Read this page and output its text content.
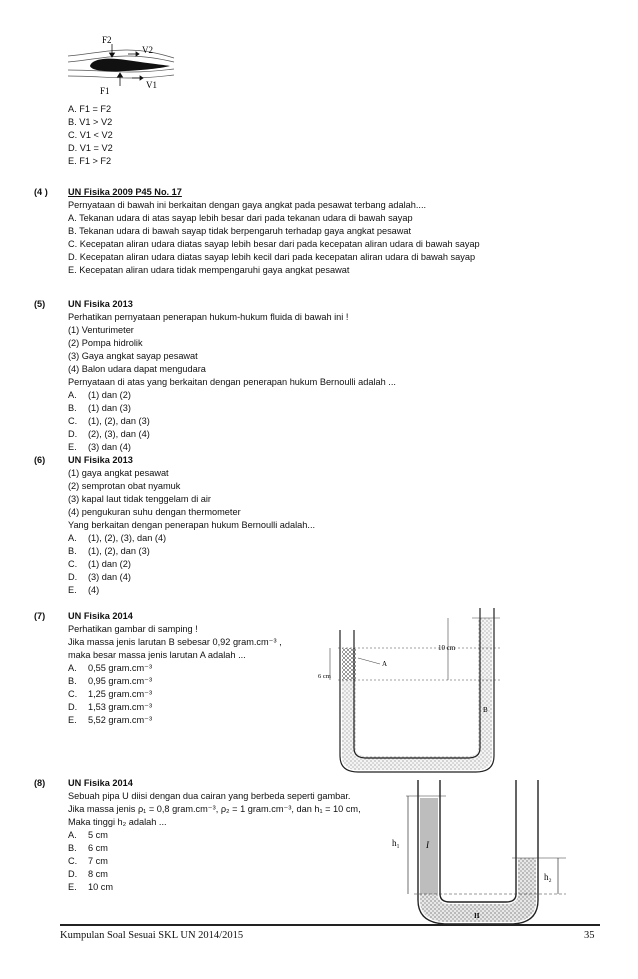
F2
V2
F1
V1
A. F1 = F2
B. V1 > V2
C. V1 < V2
D. V1 = V2
E. F1 > F2
(4 ) UN Fisika 2009 P45 No. 17
Pernyataan di bawah ini berkaitan dengan gaya angkat pada pesawat terbang adalah....
A. Tekanan udara di atas sayap lebih besar dari pada tekanan udara di bawah sayap
B. Tekanan udara di bawah sayap tidak berpengaruh terhadap gaya angkat pesawat
C. Kecepatan aliran udara diatas sayap lebih besar dari pada kecepatan aliran udara di bawah sayap
D. Kecepatan aliran udara diatas sayap lebih kecil dari pada kecepatan aliran udara di bawah sayap
E. Kecepatan aliran udara tidak mempengaruhi gaya angkat pesawat
(5) UN Fisika 2013
Perhatikan pernyataan penerapan hukum-hukum fluida di bawah ini !
(1) Venturimeter
(2) Pompa hidrolik
(3) Gaya angkat sayap pesawat
(4) Balon udara dapat mengudara
Pernyataan di atas yang berkaitan dengan penerapan hukum Bernoulli adalah ...
A. (1) dan (2)
B. (1) dan (3)
C. (1), (2), dan (3)
D. (2), (3), dan (4)
E. (3) dan (4)
(6) UN Fisika 2013
(1) gaya angkat pesawat
(2) semprotan obat nyamuk
(3) kapal laut tidak tenggelam di air
(4) pengukuran suhu dengan thermometer
Yang berkaitan dengan penerapan hukum Bernoulli adalah...
A. (1), (2), (3), dan (4)
B. (1), (2), dan (3)
C. (1) dan (2)
D. (3) dan (4)
E. (4)
(7) UN Fisika 2014
Perhatikan gambar di samping !
Jika massa jenis larutan B sebesar 0,92 gram.cm⁻³ ,
maka besar massa jenis larutan A adalah ...
A. 0,55 gram.cm⁻³
B. 0,95 gram.cm⁻³
C. 1,25 gram.cm⁻³
D. 1,53 gram.cm⁻³
E. 5,52 gram.cm⁻³
A
B
10 cm
6 cm
(8) UN Fisika 2014
Sebuah pipa U diisi dengan dua cairan yang berbeda seperti gambar.
Jika massa jenis ρ₁ = 0,8 gram.cm⁻³, ρ₂ = 1 gram.cm⁻³, dan h₁ = 10 cm,
Maka tinggi h₂ adalah ...
A. 5 cm
B. 6 cm
C. 7 cm
D. 8 cm
E. 10 cm
h₁
h₂
I
II
Kumpulan Soal Sesuai SKL UN 2014/2015	35
